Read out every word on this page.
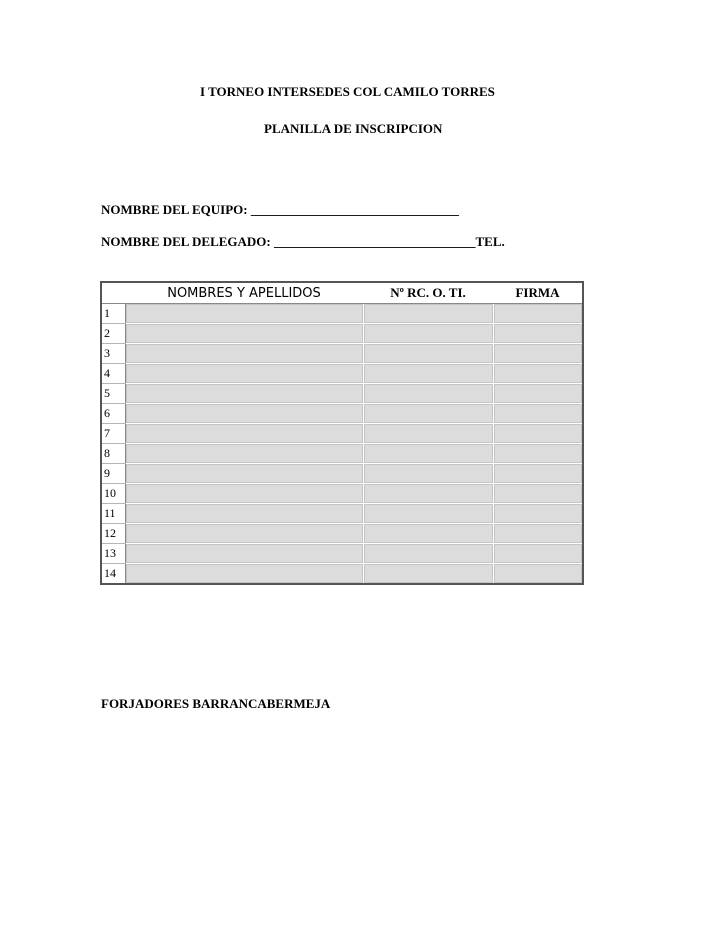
I TORNEO INTERSEDES COL CAMILO TORRES
PLANILLA DE INSCRIPCION
NOMBRE DEL EQUIPO: ________________________________
NOMBRE DEL DELEGADO: _______________________________TEL.
	NOMBRES Y APELLIDOS	Nº RC. O. TI.	FIRMA
1			
2			
3			
4			
5			
6			
7			
8			
9			
10			
11			
12			
13			
14			
FORJADORES BARRANCABERMEJA
